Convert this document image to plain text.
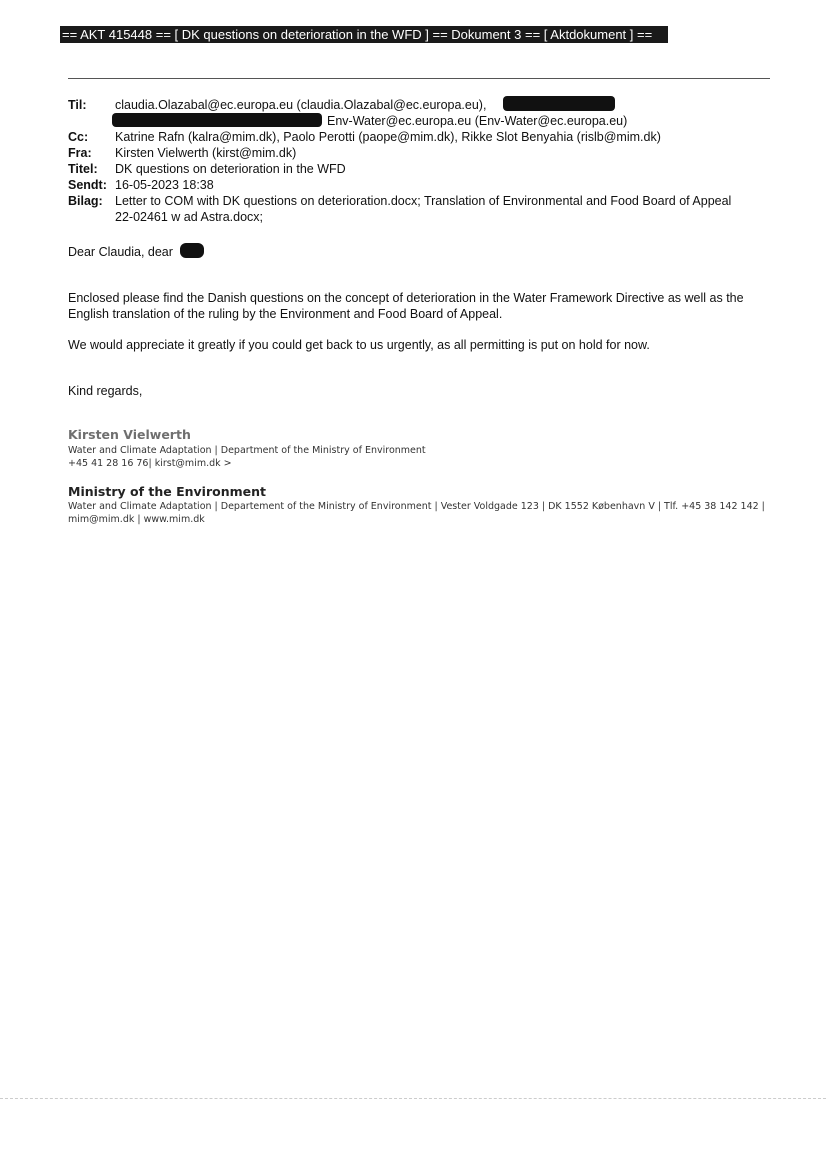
== AKT 415448 == [ DK questions on deterioration in the WFD ] == Dokument 3 == [ Aktdokument ] ==
Til: claudia.Olazabal@ec.europa.eu (claudia.Olazabal@ec.europa.eu),
Env-Water@ec.europa.eu (Env-Water@ec.europa.eu)
Cc: Katrine Rafn (kalra@mim.dk), Paolo Perotti (paope@mim.dk), Rikke Slot Benyahia (rislb@mim.dk)
Fra: Kirsten Vielwerth (kirst@mim.dk)
Titel: DK questions on deterioration in the WFD
Sendt: 16-05-2023 18:38
Bilag: Letter to COM with DK questions on deterioration.docx; Translation of Environmental and Food Board of Appeal
22-02461 w ad Astra.docx;
Dear Claudia, dear
Enclosed please find the Danish questions on the concept of deterioration in the Water Framework Directive as well as the English translation of the ruling by the Environment and Food Board of Appeal.
We would appreciate it greatly if you could get back to us urgently, as all permitting is put on hold for now.
Kind regards,
Kirsten Vielwerth
Water and Climate Adaptation | Department of the Ministry of Environment
+45 41 28 16 76| kirst@mim.dk >
Ministry of the Environment
Water and Climate Adaptation | Departement of the Ministry of Environment | Vester Voldgade 123 | DK 1552 København V | Tlf. +45 38 142 142 |
mim@mim.dk | www.mim.dk
